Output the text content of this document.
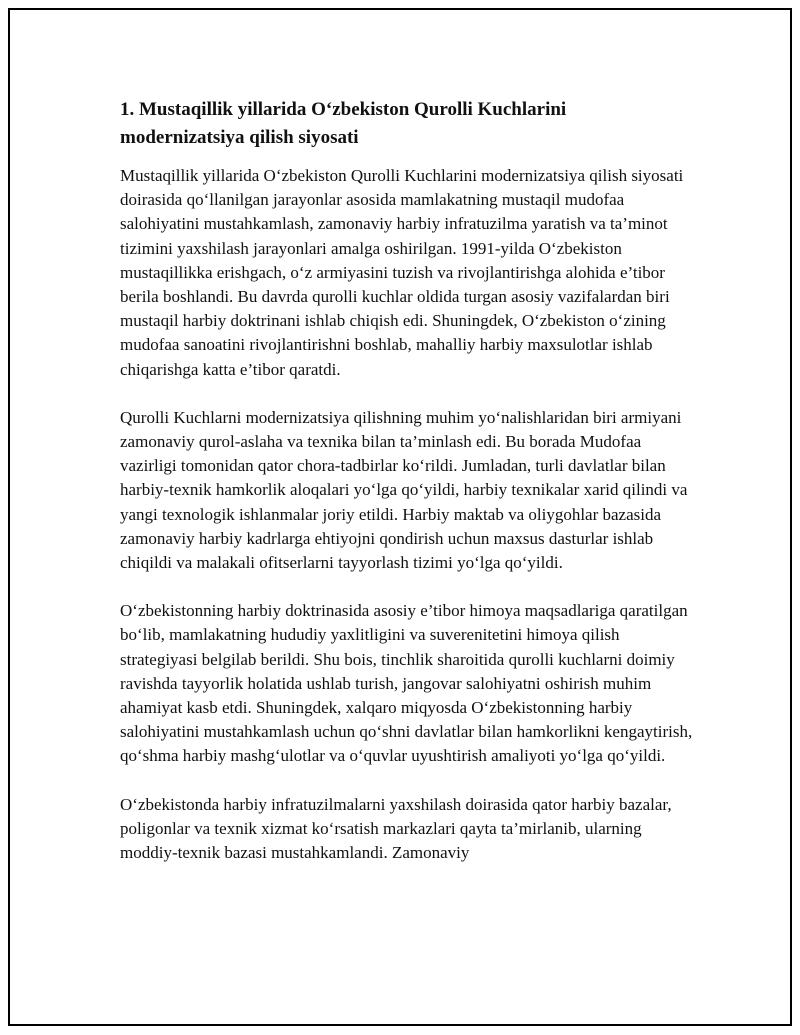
1. Mustaqillik yillarida O‘zbekiston Qurolli Kuchlarini modernizatsiya qilish siyosati

Mustaqillik yillarida O‘zbekiston Qurolli Kuchlarini modernizatsiya qilish siyosati doirasida qo‘llanilgan jarayonlar asosida mamlakatning mustaqil mudofaa salohiyatini mustahkamlash, zamonaviy harbiy infratuzilma yaratish va ta’minot tizimini yaxshilash jarayonlari amalga oshirilgan. 1991-yilda O‘zbekiston mustaqillikka erishgach, o‘z armiyasini tuzish va rivojlantirishga alohida e’tibor berila boshlandi. Bu davrda qurolli kuchlar oldida turgan asosiy vazifalardan biri mustaqil harbiy doktrinani ishlab chiqish edi. Shuningdek, O‘zbekiston o‘zining mudofaa sanoatini rivojlantirishni boshlab, mahalliy harbiy maxsulotlar ishlab chiqarishga katta e’tibor qaratdi.

Qurolli Kuchlarni modernizatsiya qilishning muhim yo‘nalishlaridan biri armiyani zamonaviy qurol-aslaha va texnika bilan ta’minlash edi. Bu borada Mudofaa vazirligi tomonidan qator chora-tadbirlar ko‘rildi. Jumladan, turli davlatlar bilan harbiy-texnik hamkorlik aloqalari yo‘lga qo‘yildi, harbiy texnikalar xarid qilindi va yangi texnologik ishlanmalar joriy etildi. Harbiy maktab va oliygohlar bazasida zamonaviy harbiy kadrlarga ehtiyojni qondirish uchun maxsus dasturlar ishlab chiqildi va malakali ofitserlarni tayyorlash tizimi yo‘lga qo‘yildi.

O‘zbekistonning harbiy doktrinasida asosiy e’tibor himoya maqsadlariga qaratilgan bo‘lib, mamlakatning hududiy yaxlitligini va suverenitetini himoya qilish strategiyasi belgilab berildi. Shu bois, tinchlik sharoitida qurolli kuchlarni doimiy ravishda tayyorlik holatida ushlab turish, jangovar salohiyatni oshirish muhim ahamiyat kasb etdi. Shuningdek, xalqaro miqyosda O‘zbekistonning harbiy salohiyatini mustahkamlash uchun qo‘shni davlatlar bilan hamkorlikni kengaytirish, qo‘shma harbiy mashg‘ulotlar va o‘quvlar uyushtirish amaliyoti yo‘lga qo‘yildi.

O‘zbekistonda harbiy infratuzilmalarni yaxshilash doirasida qator harbiy bazalar, poligonlar va texnik xizmat ko‘rsatish markazlari qayta ta’mirlanib, ularning moddiy-texnik bazasi mustahkamlandi. Zamonaviy
